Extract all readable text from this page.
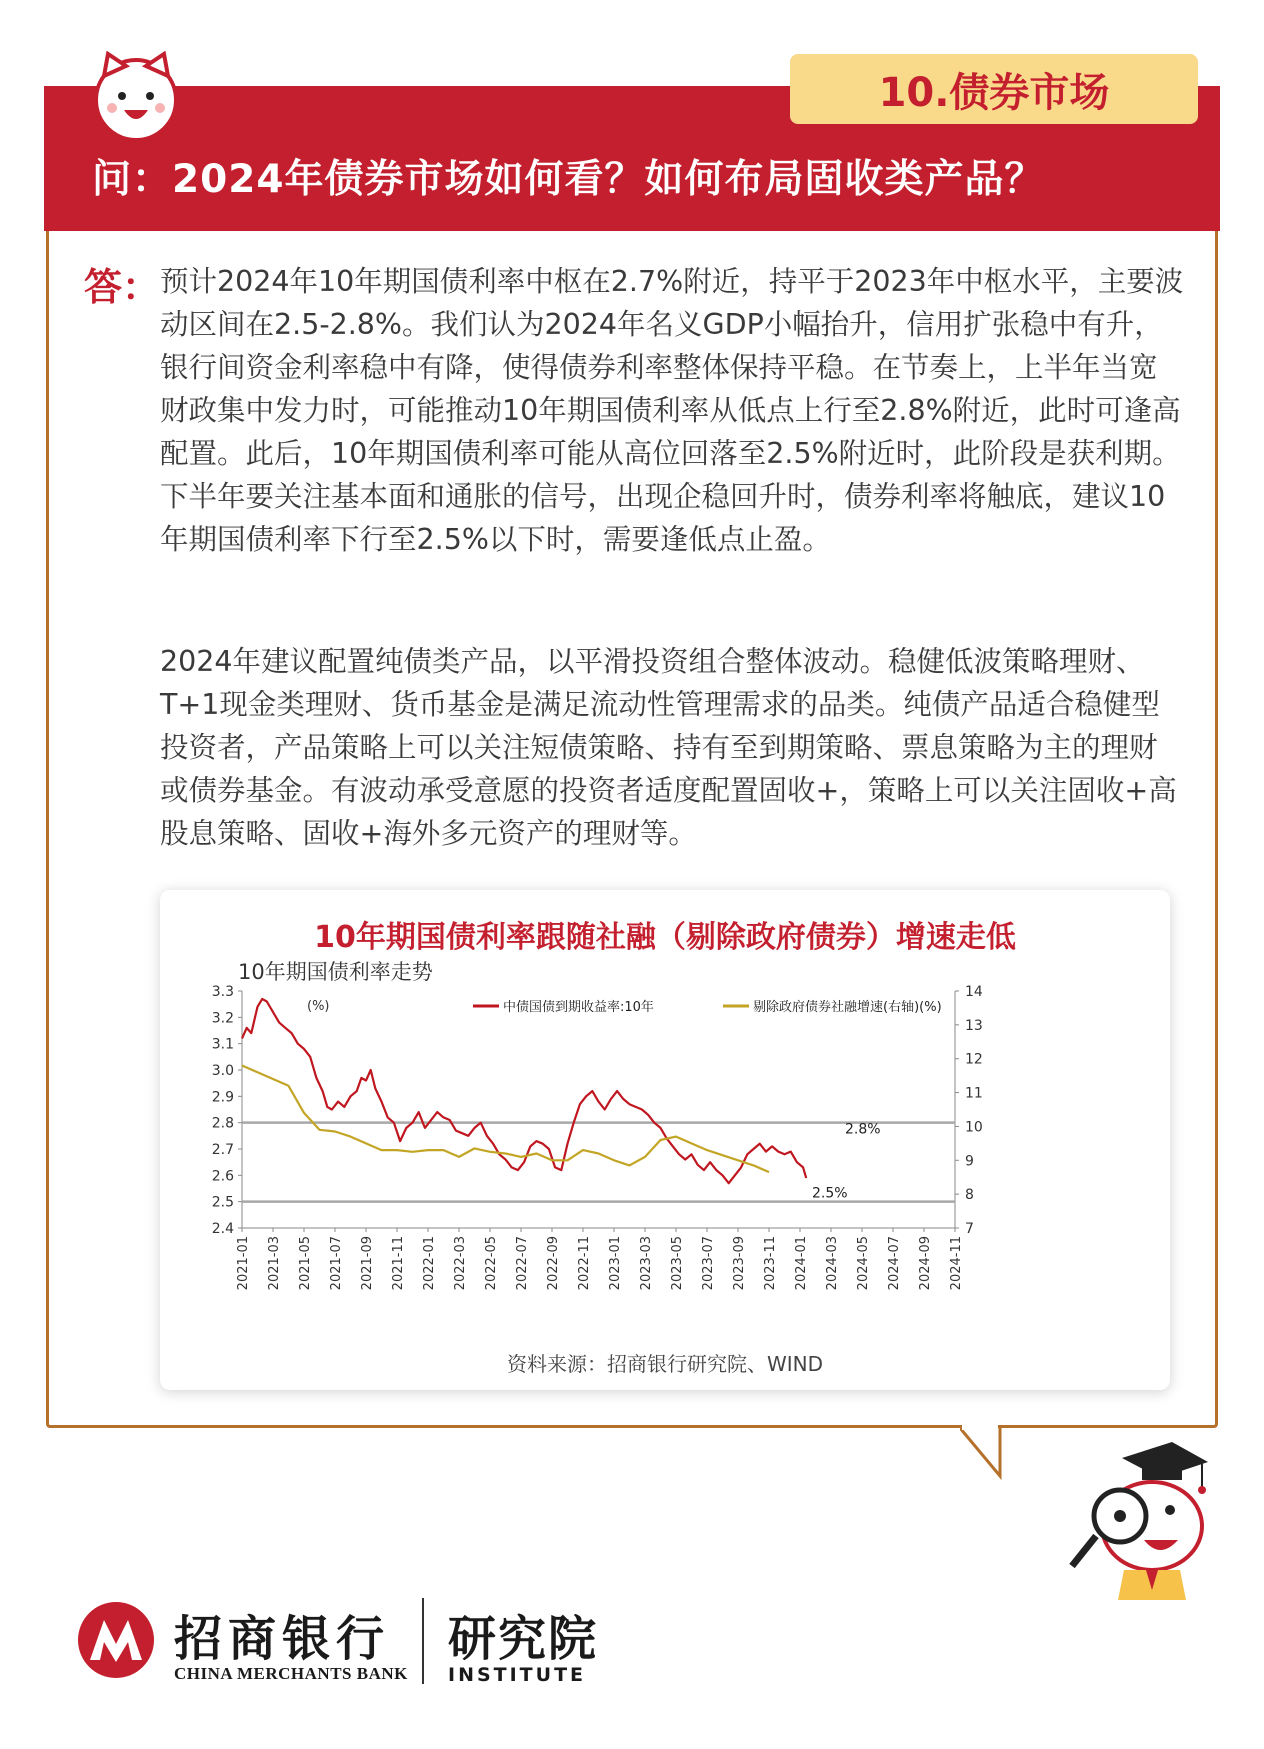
10.债券市场
问：2024年债券市场如何看？如何布局固收类产品？
答： 预计2024年10年期国债利率中枢在2.7%附近，持平于2023年中枢水平，主要波动区间在2.5-2.8%。我们认为2024年名义GDP小幅抬升，信用扩张稳中有升，银行间资金利率稳中有降，使得债券利率整体保持平稳。在节奏上，上半年当宽财政集中发力时，可能推动10年期国债利率从低点上行至2.8%附近，此时可逢高配置。此后，10年期国债利率可能从高位回落至2.5%附近时，此阶段是获利期。下半年要关注基本面和通胀的信号，出现企稳回升时，债券利率将触底，建议10年期国债利率下行至2.5%以下时，需要逢低点止盈。
2024年建议配置纯债类产品，以平滑投资组合整体波动。稳健低波策略理财、T+1现金类理财、货币基金是满足流动性管理需求的品类。纯债产品适合稳健型投资者，产品策略上可以关注短债策略、持有至到期策略、票息策略为主的理财或债券基金。有波动承受意愿的投资者适度配置固收+，策略上可以关注固收+高股息策略、固收+海外多元资产的理财等。
10年期国债利率跟随社融（剔除政府债券）增速走低
10年期国债利率走势
3.3
3.2
3.1
3.0
2.9
2.8
2.7
2.6
2.5
2.4
14
13
12
11
10
9
8
7
(%)
2.8%
2.5%
2021-01 2021-03 2021-05 2021-07 2021-09 2021-11 2022-01 2022-03 2022-05 2022-07 2022-09 2022-11 2023-01 2023-03 2023-05 2023-07 2023-09 2023-11 2024-01 2024-03 2024-05 2024-07 2024-09 2024-11
中债国债到期收益率:10年	剔除政府债券社融增速(右轴)(%)
资料来源：招商银行研究院、WIND
招商银行
CHINA MERCHANTS BANK
研究院
INSTITUTE
